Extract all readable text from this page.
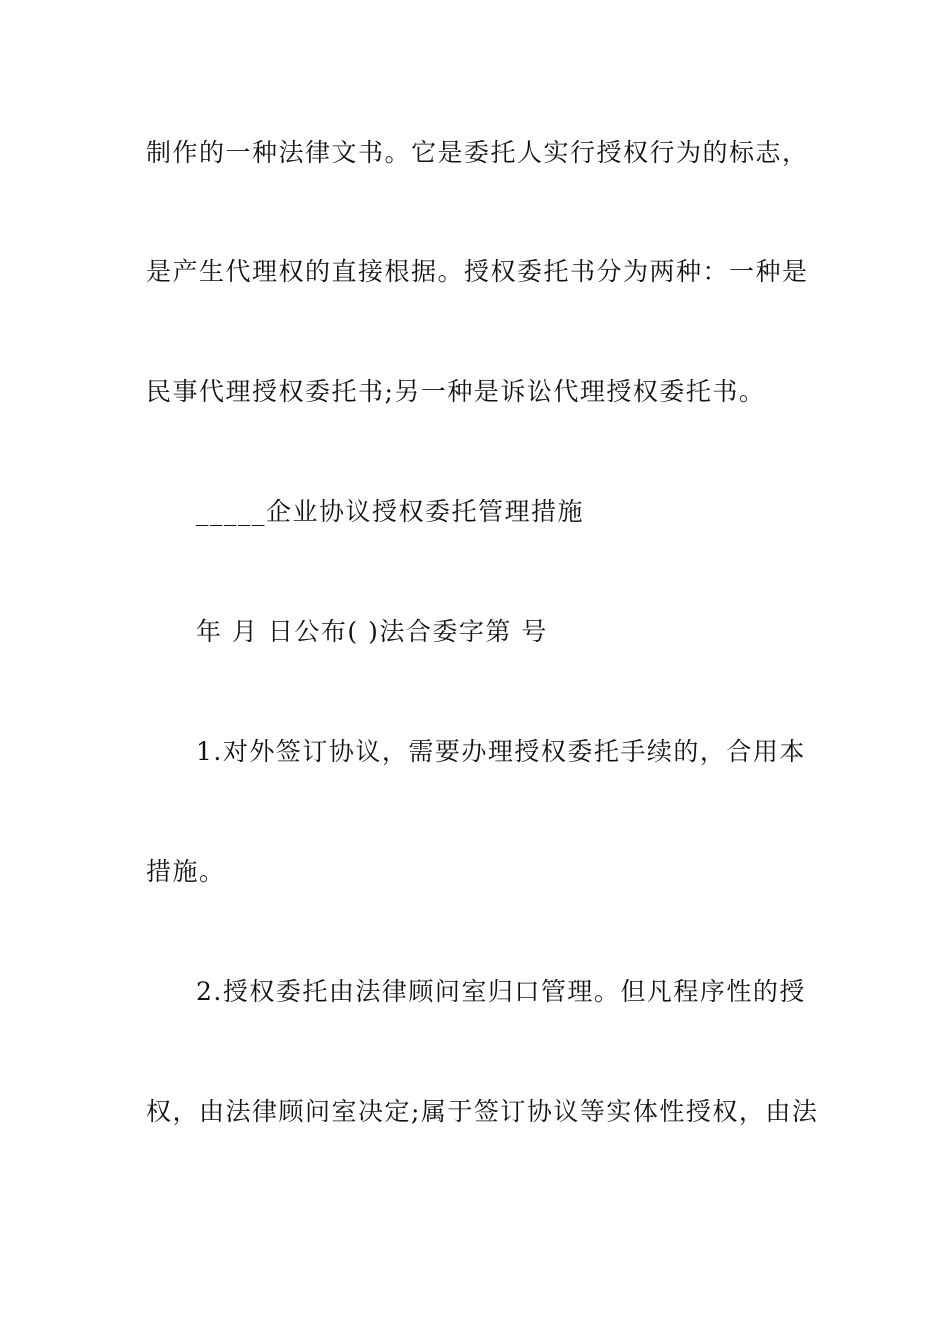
制作的一种法律文书。它是委托人实行授权行为的标志，
是产生代理权的直接根据。授权委托书分为两种：一种是
民事代理授权委托书;另一种是诉讼代理授权委托书。
_____企业协议授权委托管理措施
年 月 日公布( )法合委字第 号
1.对外签订协议，需要办理授权委托手续的，合用本
措施。
2.授权委托由法律顾问室归口管理。但凡程序性的授
权，由法律顾问室决定;属于签订协议等实体性授权，由法
